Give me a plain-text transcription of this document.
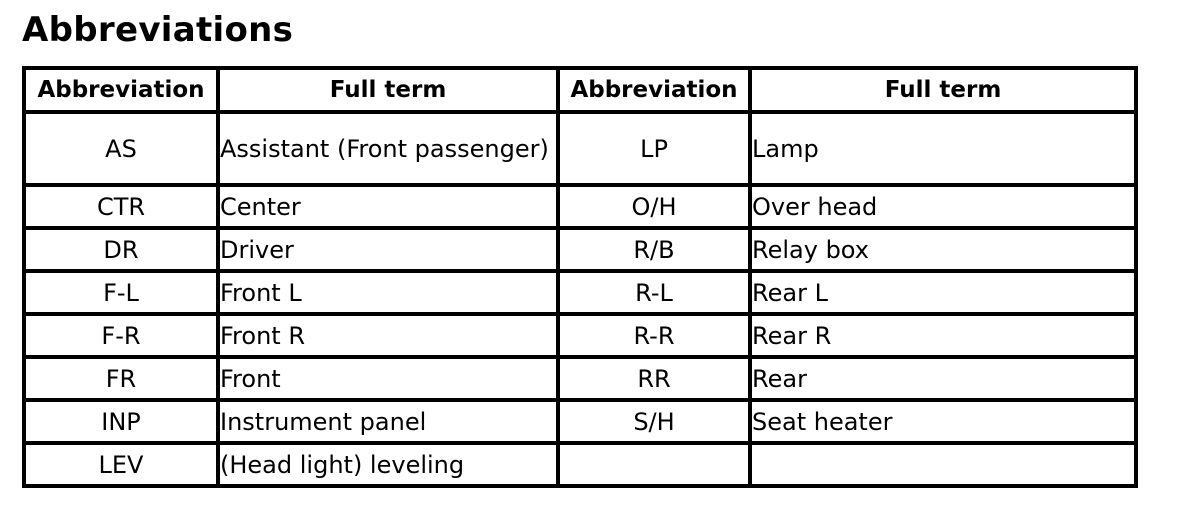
Abbreviations
Abbreviation	Full term	Abbreviation	Full term
AS	Assistant (Front passenger)	LP	Lamp
CTR	Center	O/H	Over head
DR	Driver	R/B	Relay box
F-L	Front L	R-L	Rear L
F-R	Front R	R-R	Rear R
FR	Front	RR	Rear
INP	Instrument panel	S/H	Seat heater
LEV	(Head light) leveling		
